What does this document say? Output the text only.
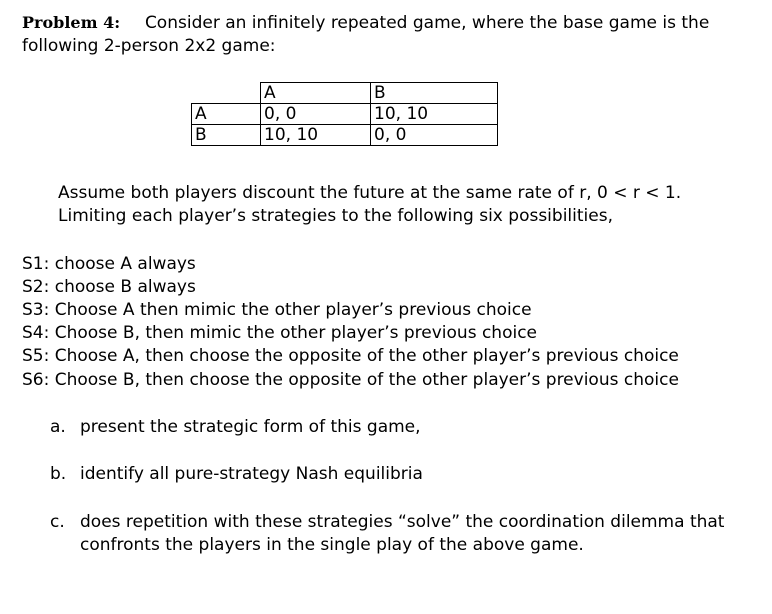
Problem 4: Consider an infinitely repeated game, where the base game is the
following 2-person 2x2 game:
	A	B
A	0, 0	10, 10
B	10, 10	0, 0
Assume both players discount the future at the same rate of r, 0 < r < 1.
Limiting each player’s strategies to the following six possibilities,
S1: choose A always
S2: choose B always
S3: Choose A then mimic the other player’s previous choice
S4: Choose B, then mimic the other player’s previous choice
S5: Choose A, then choose the opposite of the other player’s previous choice
S6: Choose B, then choose the opposite of the other player’s previous choice
a. present the strategic form of this game,
b. identify all pure-strategy Nash equilibria
c. does repetition with these strategies “solve” the coordination dilemma that
confronts the players in the single play of the above game.
